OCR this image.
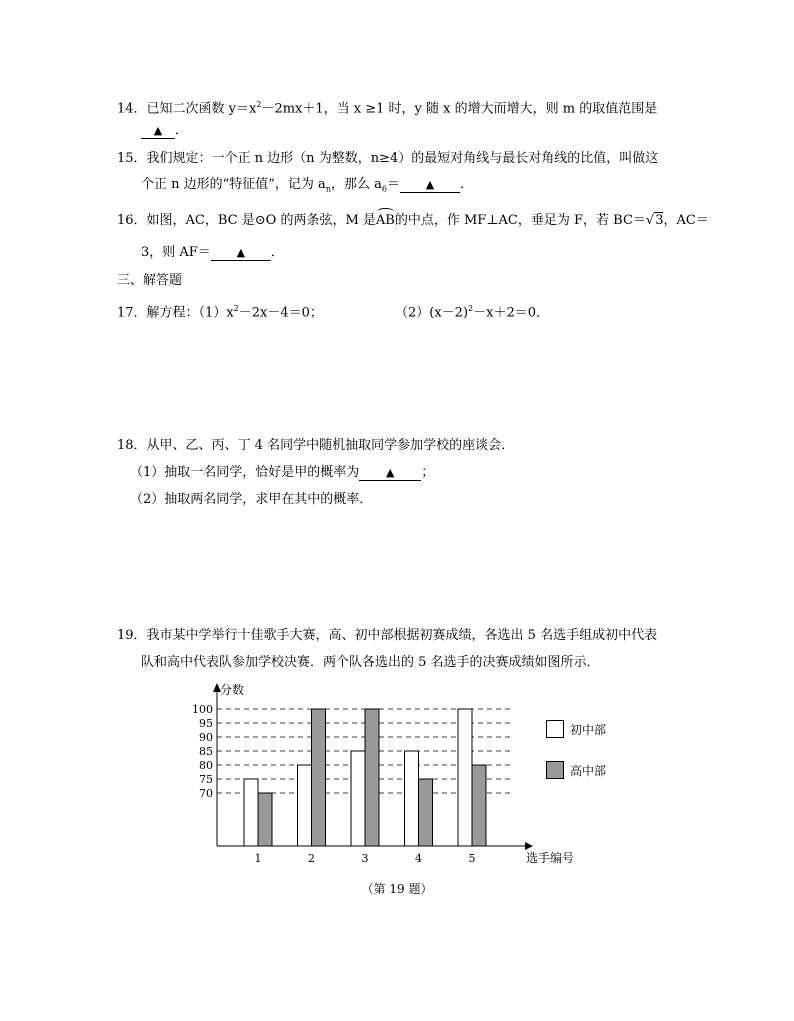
14．已知二次函数 $y=x^2-2mx+1$，当 x ≥1 时，y 随 x 的增大而增大，则 m 的取值范围是
▲ ．
15．我们规定：一个正 n 边形（n 为整数，n≥4）的最短对角线与最长对角线的比值，叫做这
个正 n 边形的“特征值”，记为 $a_n$，那么 $a_6=$ ▲ ．
16．如图，AC，BC 是⊙O 的两条弦，M 是AB的中点，作 MF⊥AC，垂足为 F，若 BC＝√3，AC＝
3，则 AF＝ ▲ ．
三、解答题
17．解方程：$(1)x^2-2x-4=0$；	$(2)(x-2)^2-x+2=0$．
18．从甲、乙、丙、丁 4 名同学中随机抽取同学参加学校的座谈会．
（1）抽取一名同学，恰好是甲的概率为 ▲ ；
（2）抽取两名同学，求甲在其中的概率．
19．我市某中学举行十佳歌手大赛，高、初中部根据初赛成绩，各选出 5 名选手组成初中代表
队和高中代表队参加学校决赛．两个队各选出的 5 名选手的决赛成绩如图所示．
70
75
80
85
90
95
100
1	2	3	4	5
分数
选手编号
初中部
高中部
（第 19 题）
